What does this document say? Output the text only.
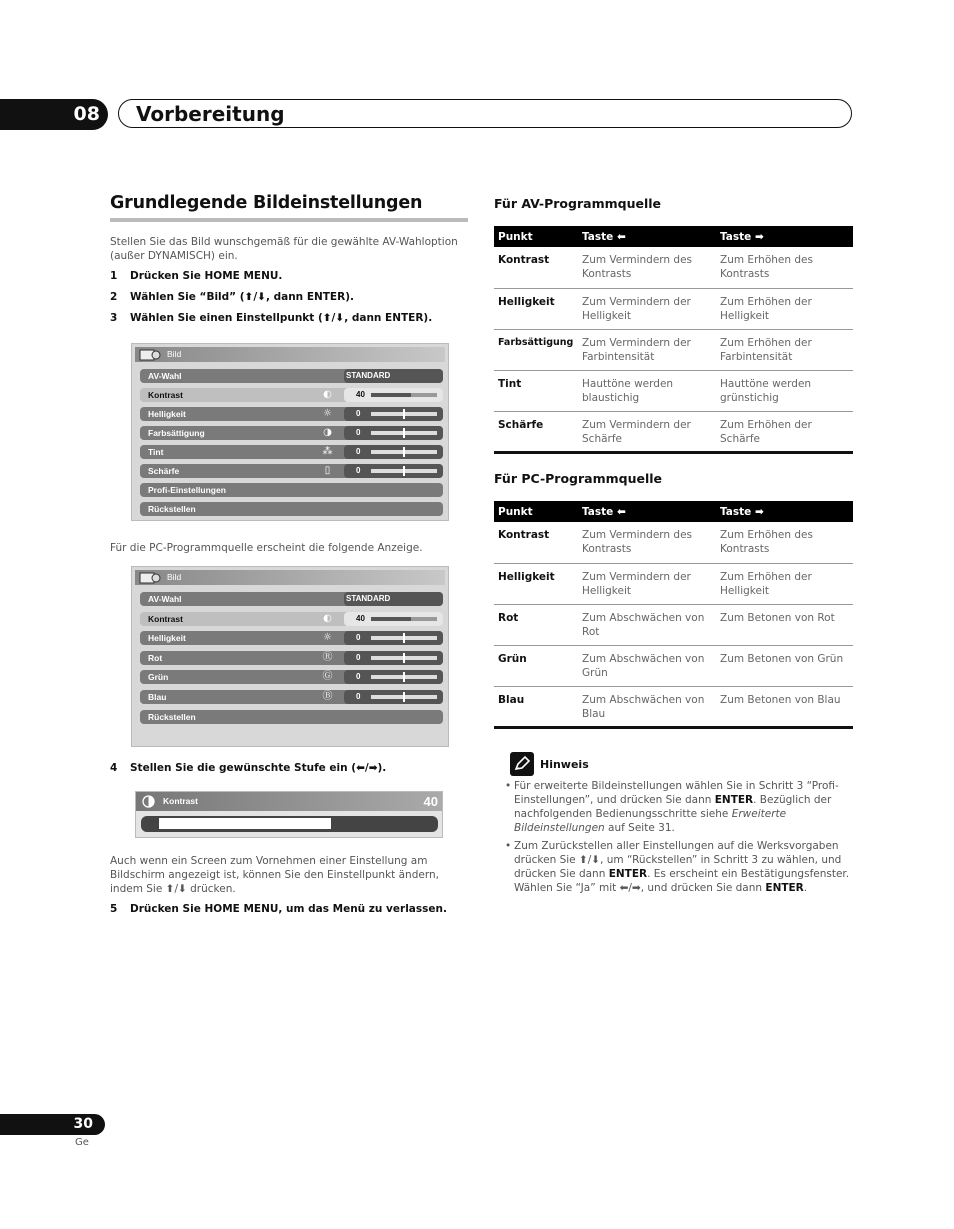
08	Vorbereitung
Grundlegende Bildeinstellungen
Stellen Sie das Bild wunschgemäß für die gewählte AV-Wahloption (außer DYNAMISCH) ein.
1 Drücken Sie HOME MENU.
2 Wählen Sie “Bild” (⬆/⬇, dann ENTER).
3 Wählen Sie einen Einstellpunkt (⬆/⬇, dann ENTER).
Bild
AV-Wahl	STANDARD
Kontrast	◐	40
Helligkeit	☼	0
Farbsättigung	◑	0
Tint	⁂	0
Schärfe	▯	0
Profi-Einstellungen
Rückstellen
Für die PC-Programmquelle erscheint die folgende Anzeige.
Bild
AV-Wahl	STANDARD
Kontrast	◐	40
Helligkeit	☼	0
Rot	Ⓡ	0
Grün	Ⓖ	0
Blau	Ⓑ	0
Rückstellen
4 Stellen Sie die gewünschte Stufe ein (⬅/➡).
Kontrast	40
Auch wenn ein Screen zum Vornehmen einer Einstellung am Bildschirm angezeigt ist, können Sie den Einstellpunkt ändern, indem Sie ⬆/⬇ drücken.
5 Drücken Sie HOME MENU, um das Menü zu verlassen.
Für AV-Programmquelle
Punkt	Taste ⬅	Taste ➡
Kontrast	Zum Vermindern des Kontrasts	Zum Erhöhen des Kontrasts
Helligkeit	Zum Vermindern der Helligkeit	Zum Erhöhen der Helligkeit
Farbsättigung	Zum Vermindern der Farbintensität	Zum Erhöhen der Farbintensität
Tint	Hauttöne werden blaustichig	Hauttöne werden grünstichig
Schärfe	Zum Vermindern der Schärfe	Zum Erhöhen der Schärfe
Für PC-Programmquelle
Punkt	Taste ⬅	Taste ➡
Kontrast	Zum Vermindern des Kontrasts	Zum Erhöhen des Kontrasts
Helligkeit	Zum Vermindern der Helligkeit	Zum Erhöhen der Helligkeit
Rot	Zum Abschwächen von Rot	Zum Betonen von Rot
Grün	Zum Abschwächen von Grün	Zum Betonen von Grün
Blau	Zum Abschwächen von Blau	Zum Betonen von Blau
Hinweis
• Für erweiterte Bildeinstellungen wählen Sie in Schritt 3 “Profi-Einstellungen”, und drücken Sie dann ENTER. Bezüglich der nachfolgenden Bedienungsschritte siehe Erweiterte Bildeinstellungen auf Seite 31.
• Zum Zurückstellen aller Einstellungen auf die Werksvorgaben drücken Sie ⬆/⬇, um “Rückstellen” in Schritt 3 zu wählen, und drücken Sie dann ENTER. Es erscheint ein Bestätigungsfenster. Wählen Sie “Ja” mit ⬅/➡, und drücken Sie dann ENTER.
30
Ge
